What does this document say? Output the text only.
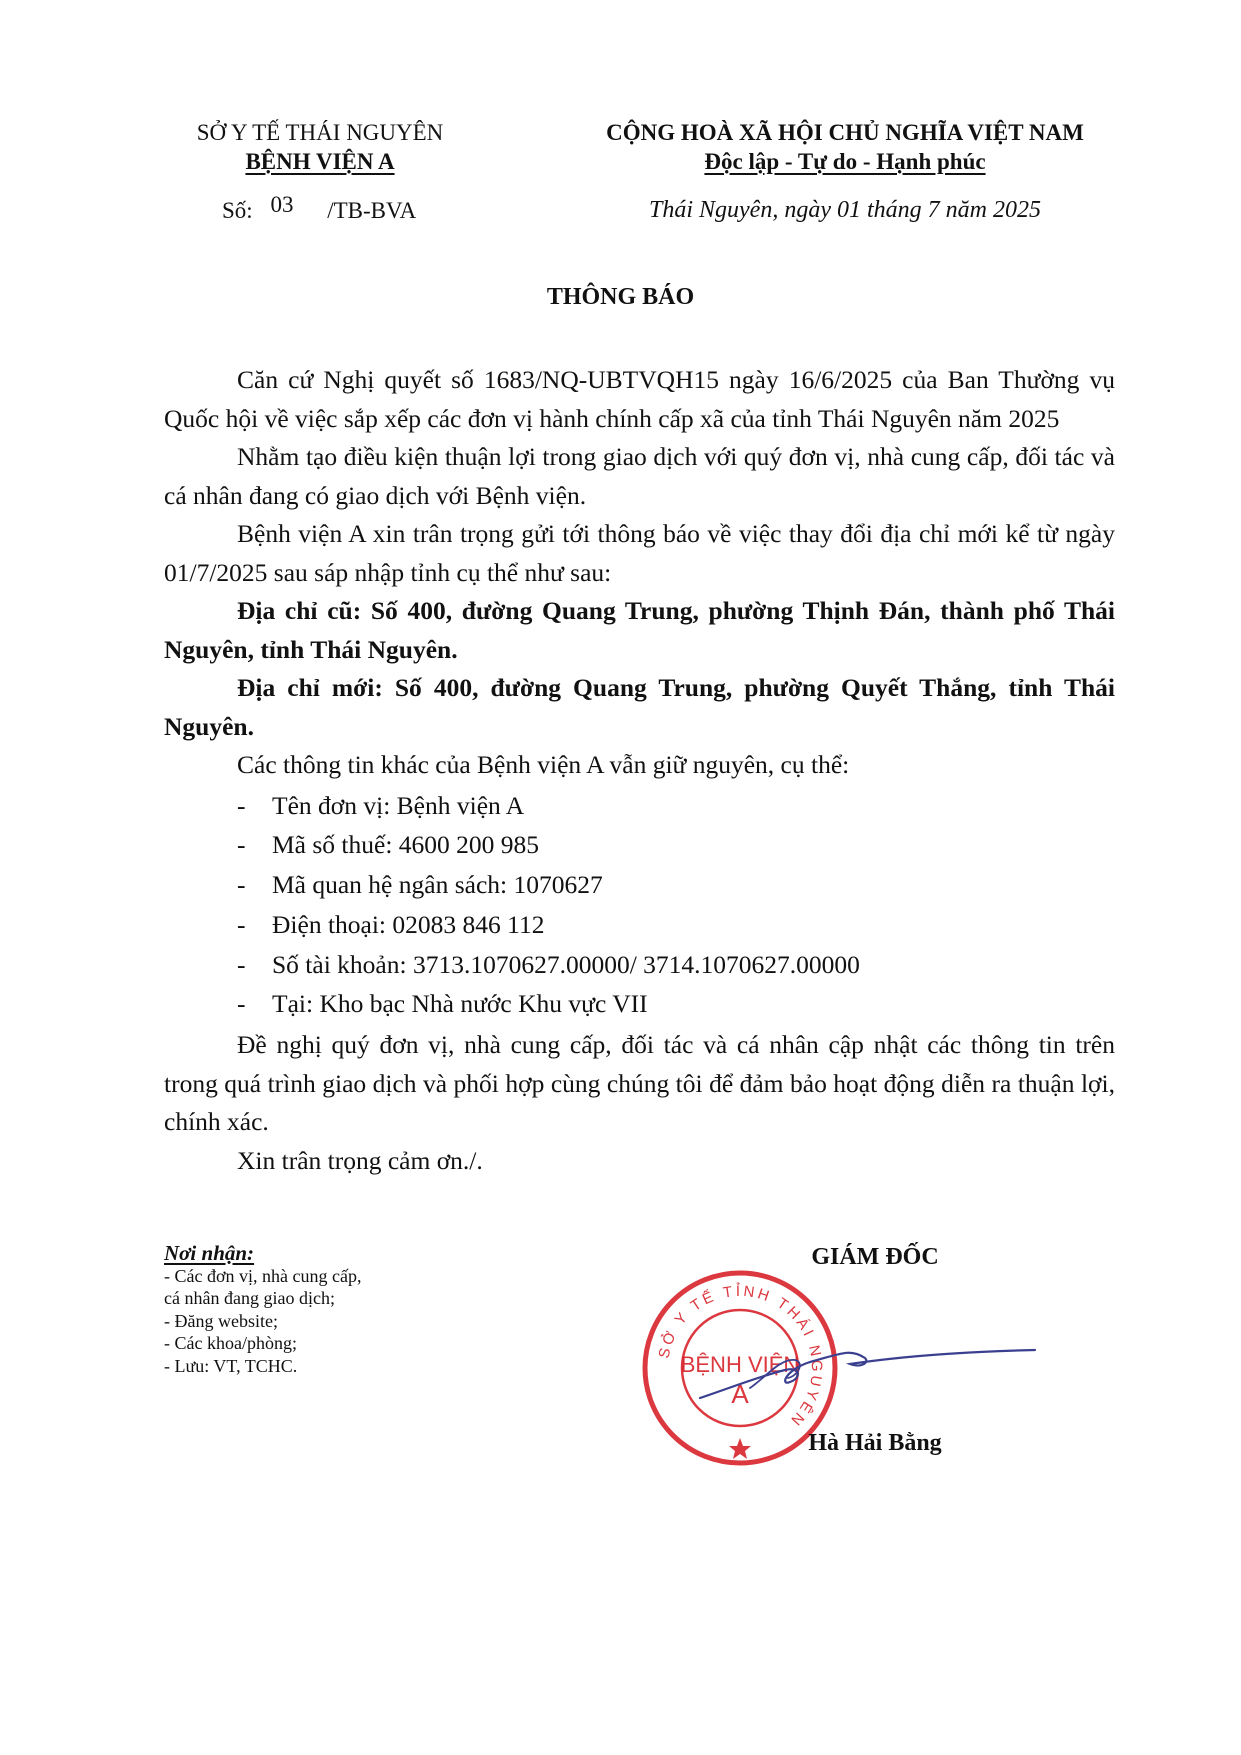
SỞ Y TẾ THÁI NGUYÊN
BỆNH VIỆN A
Số: 03 /TB-BVA
CỘNG HOÀ XÃ HỘI CHỦ NGHĨA VIỆT NAM
Độc lập - Tự do - Hạnh phúc
Thái Nguyên, ngày 01 tháng 7 năm 2025
THÔNG BÁO

Căn cứ Nghị quyết số 1683/NQ-UBTVQH15 ngày 16/6/2025 của Ban Thường vụ Quốc hội về việc sắp xếp các đơn vị hành chính cấp xã của tỉnh Thái Nguyên năm 2025

Nhằm tạo điều kiện thuận lợi trong giao dịch với quý đơn vị, nhà cung cấp, đối tác và cá nhân đang có giao dịch với Bệnh viện.

Bệnh viện A xin trân trọng gửi tới thông báo về việc thay đổi địa chỉ mới kể từ ngày 01/7/2025 sau sáp nhập tỉnh cụ thể như sau:

Địa chỉ cũ: Số 400, đường Quang Trung, phường Thịnh Đán, thành phố Thái Nguyên, tỉnh Thái Nguyên.

Địa chỉ mới: Số 400, đường Quang Trung, phường Quyết Thắng, tỉnh Thái Nguyên.

Các thông tin khác của Bệnh viện A vẫn giữ nguyên, cụ thể:

- Tên đơn vị: Bệnh viện A
- Mã số thuế: 4600 200 985
- Mã quan hệ ngân sách: 1070627
- Điện thoại: 02083 846 112
- Số tài khoản: 3713.1070627.00000/ 3714.1070627.00000
- Tại: Kho bạc Nhà nước Khu vực VII

Đề nghị quý đơn vị, nhà cung cấp, đối tác và cá nhân cập nhật các thông tin trên trong quá trình giao dịch và phối hợp cùng chúng tôi để đảm bảo hoạt động diễn ra thuận lợi, chính xác.

Xin trân trọng cảm ơn./.

Nơi nhận:
- Các đơn vị, nhà cung cấp,
cá nhân đang giao dịch;
- Đăng website;
- Các khoa/phòng;
- Lưu: VT, TCHC.
GIÁM ĐỐC
SỞ Y TẾ TỈNH THÁI NGUYÊN
BỆNH VIỆN
A
Hà Hải Bằng
